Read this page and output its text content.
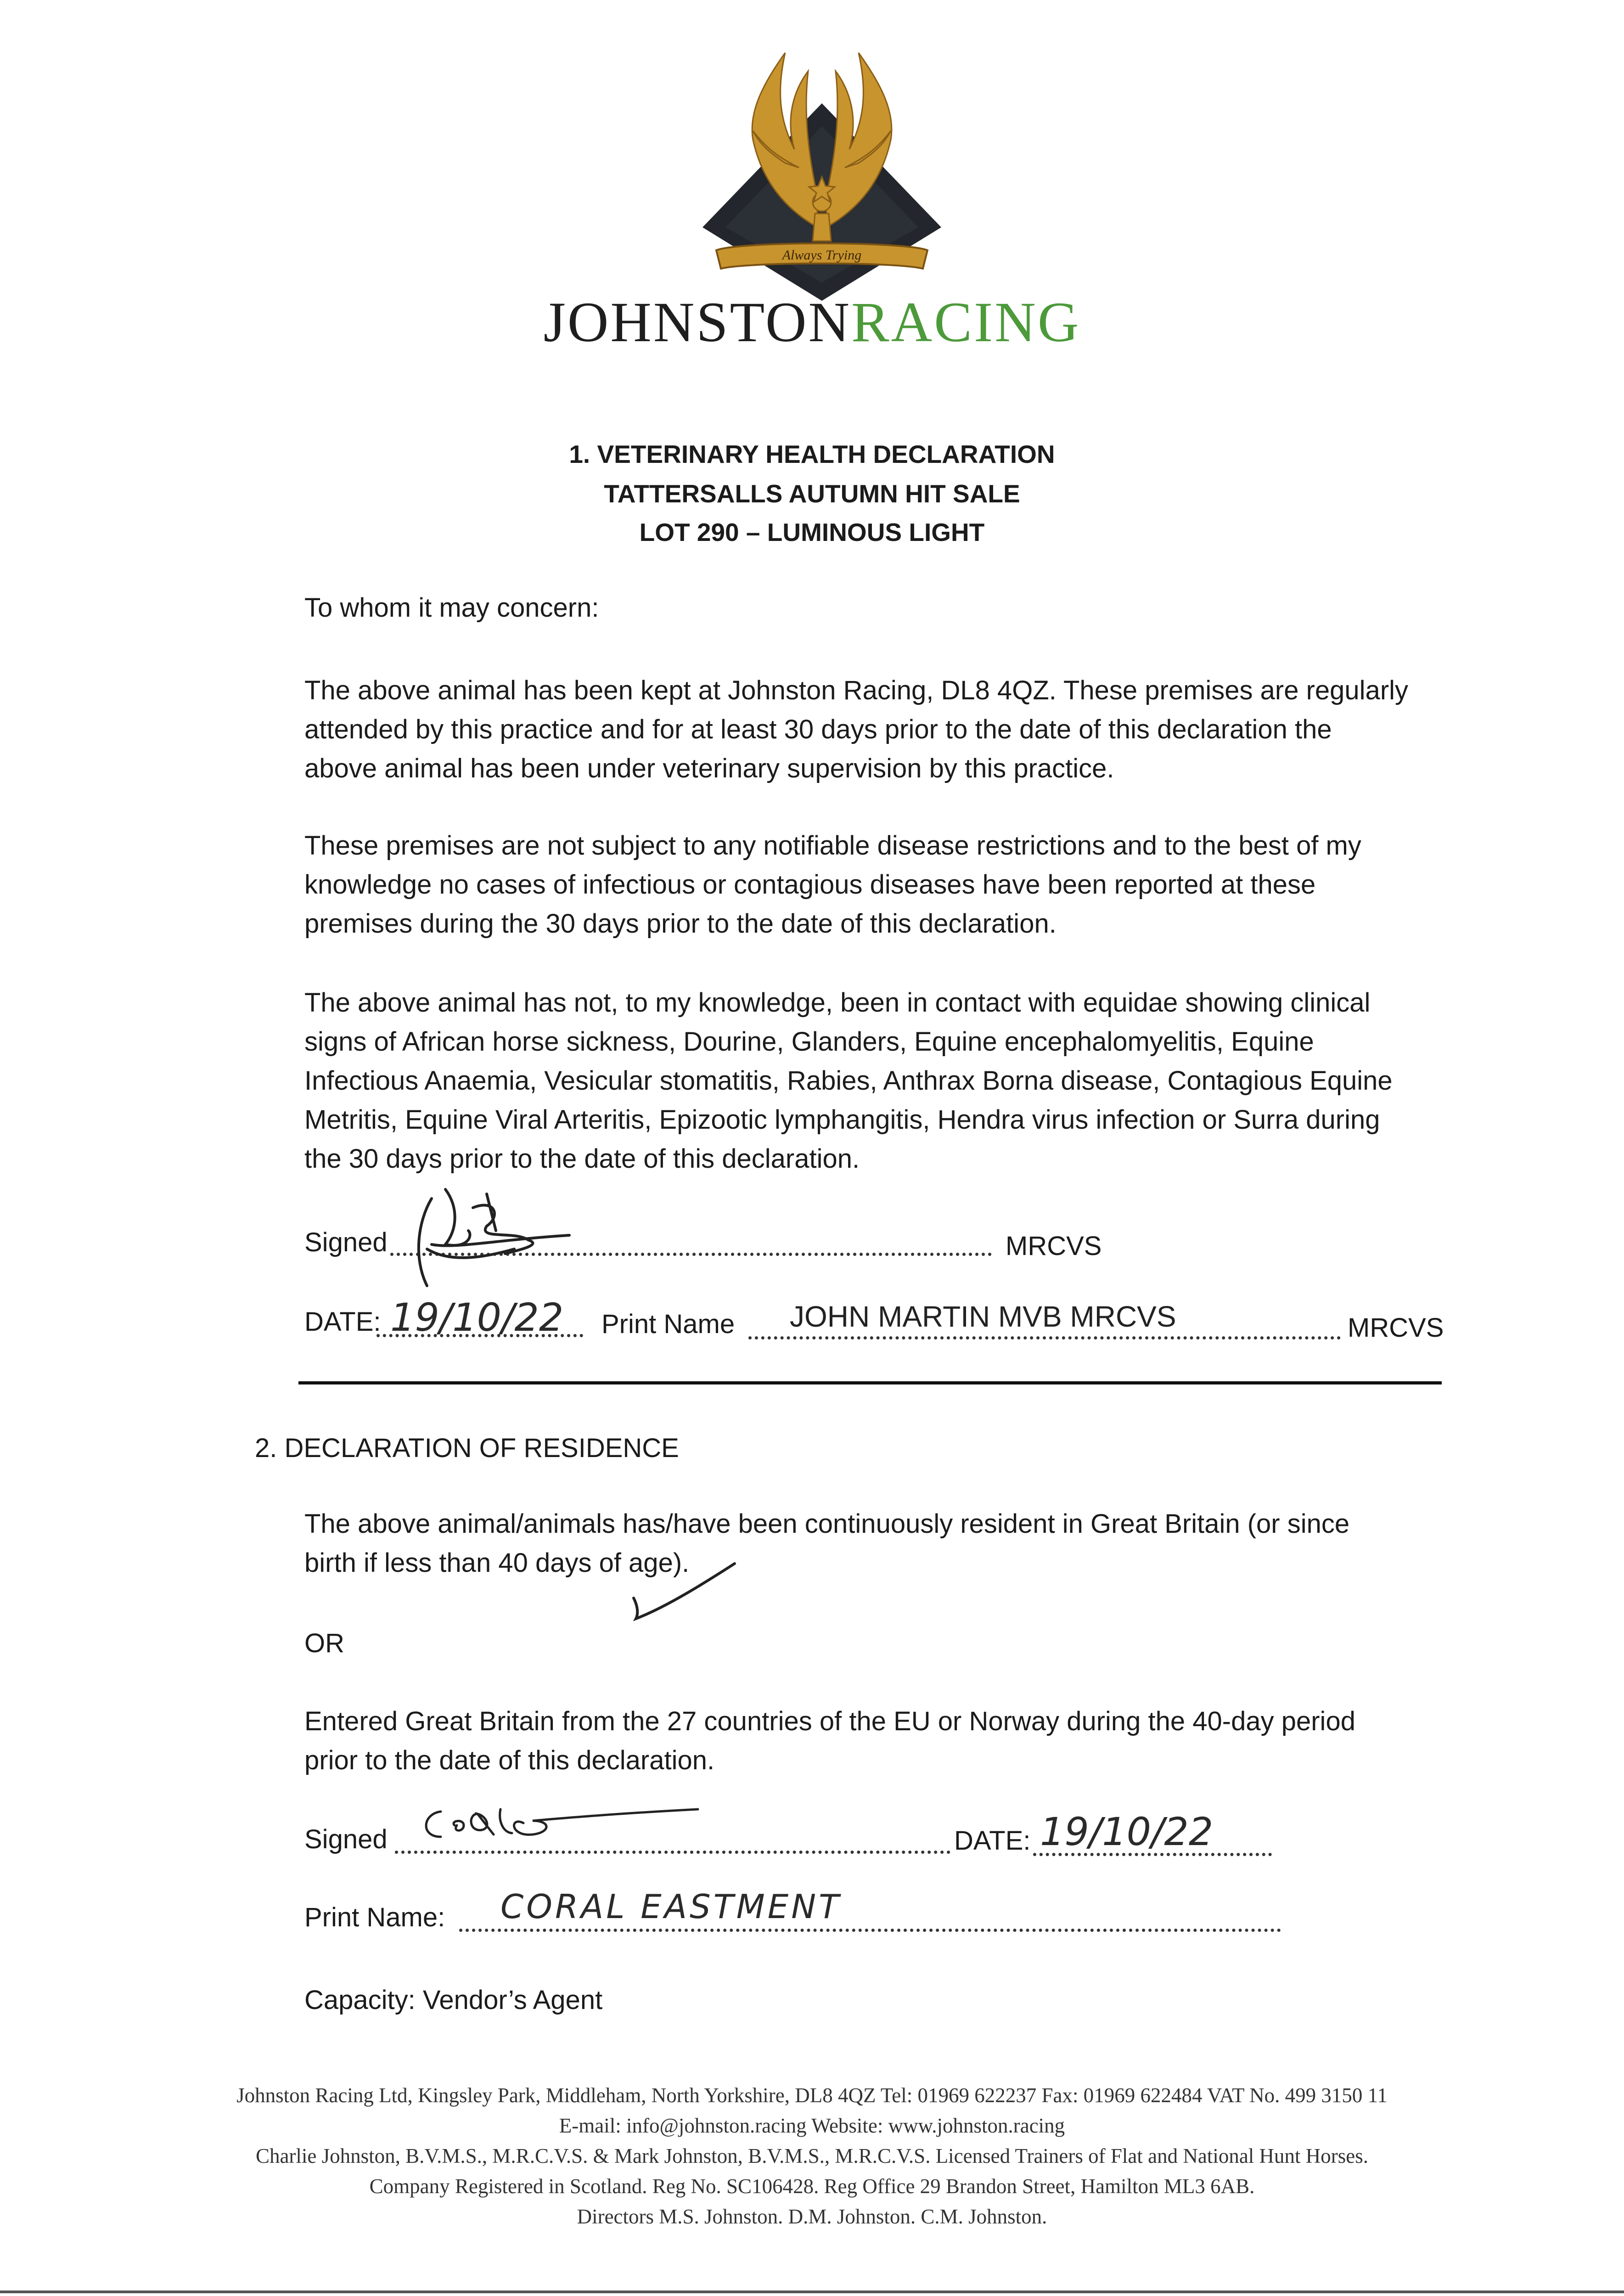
Always Trying
JOHNSTONRACING
1. VETERINARY HEALTH DECLARATION
TATTERSALLS AUTUMN HIT SALE
LOT 290 – LUMINOUS LIGHT
To whom it may concern:
The above animal has been kept at Johnston Racing, DL8 4QZ. These premises are regularly
attended by this practice and for at least 30 days prior to the date of this declaration the
above animal has been under veterinary supervision by this practice.
These premises are not subject to any notifiable disease restrictions and to the best of my
knowledge no cases of infectious or contagious diseases have been reported at these
premises during the 30 days prior to the date of this declaration.
The above animal has not, to my knowledge, been in contact with equidae showing clinical
signs of African horse sickness, Dourine, Glanders, Equine encephalomyelitis, Equine
Infectious Anaemia, Vesicular stomatitis, Rabies, Anthrax Borna disease, Contagious Equine
Metritis, Equine Viral Arteritis, Epizootic lymphangitis, Hendra virus infection or Surra during
the 30 days prior to the date of this declaration.
Signed	MRCVS
DATE: 19/10/22 Print Name JOHN MARTIN MVB MRCVS	MRCVS
2. DECLARATION OF RESIDENCE
The above animal/animals has/have been continuously resident in Great Britain (or since
birth if less than 40 days of age).
OR
Entered Great Britain from the 27 countries of the EU or Norway during the 40-day period
prior to the date of this declaration.
Signed	DATE: 19/10/22
Print Name: CORAL EASTMENT
Capacity: Vendor’s Agent
Johnston Racing Ltd, Kingsley Park, Middleham, North Yorkshire, DL8 4QZ Tel: 01969 622237 Fax: 01969 622484 VAT No. 499 3150 11
E-mail: info@johnston.racing Website: www.johnston.racing
Charlie Johnston, B.V.M.S., M.R.C.V.S. & Mark Johnston, B.V.M.S., M.R.C.V.S. Licensed Trainers of Flat and National Hunt Horses.
Company Registered in Scotland. Reg No. SC106428. Reg Office 29 Brandon Street, Hamilton ML3 6AB.
Directors M.S. Johnston. D.M. Johnston. C.M. Johnston.
